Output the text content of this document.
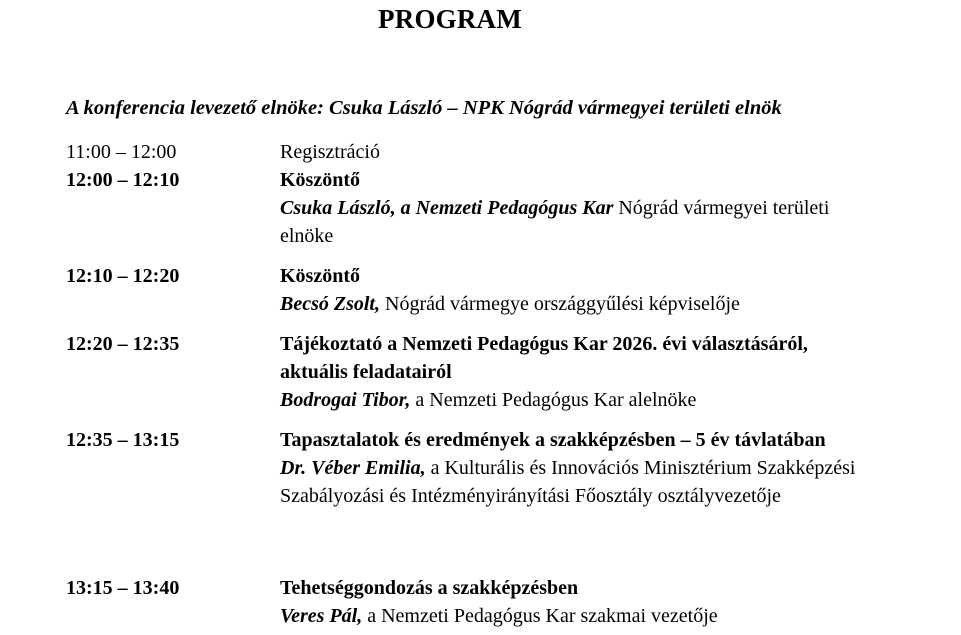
PROGRAM
A konferencia levezető elnöke: Csuka László – NPK Nógrád vármegyei területi elnök
11:00 – 12:00	Regisztráció
12:00 – 12:10	Köszöntő
Csuka László, a Nemzeti Pedagógus Kar Nógrád vármegyei területi elnöke
12:10 – 12:20	Köszöntő
Becsó Zsolt, Nógrád vármegye országgyűlési képviselője
12:20 – 12:35	Tájékoztató a Nemzeti Pedagógus Kar 2026. évi választásáról, aktuális feladatairól
Bodrogai Tibor, a Nemzeti Pedagógus Kar alelnöke
12:35 – 13:15	Tapasztalatok és eredmények a szakképzésben – 5 év távlatában
Dr. Véber Emilia, a Kulturális és Innovációs Minisztérium Szakképzési Szabályozási és Intézményirányítási Főosztály osztályvezetője
13:15 – 13:40	Tehetséggondozás a szakképzésben
Veres Pál, a Nemzeti Pedagógus Kar szakmai vezetője
